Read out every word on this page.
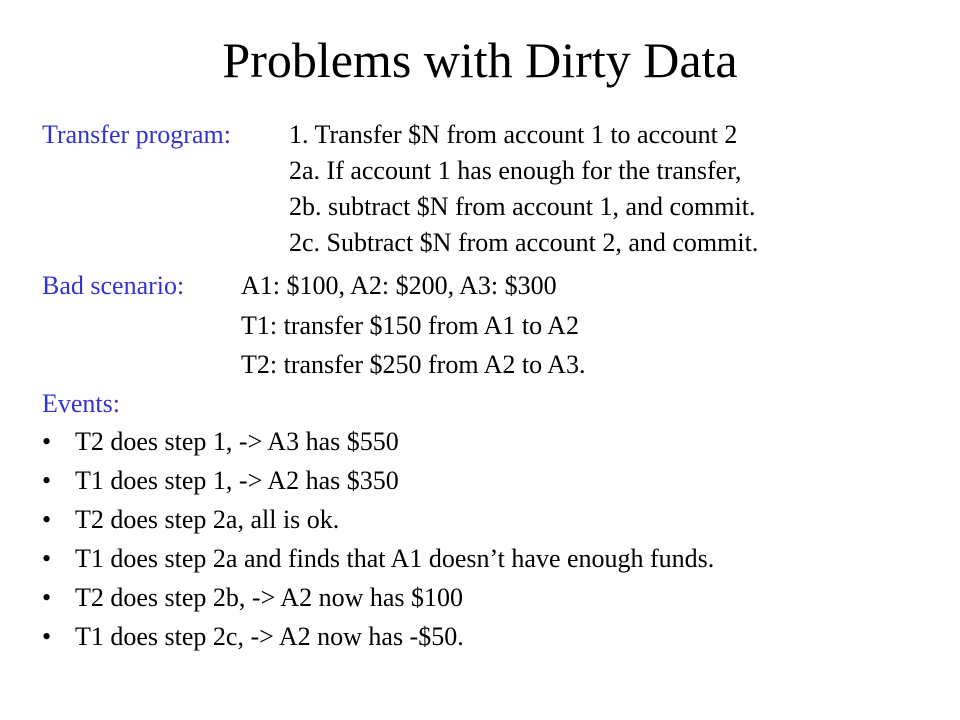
Problems with Dirty Data
Transfer program: 1. Transfer $N from account 1 to account 2
2a. If account 1 has enough for the transfer,
2b. subtract $N from account 1, and commit.
2c. Subtract $N from account 2, and commit.
Bad scenario: A1: $100, A2: $200, A3: $300
T1: transfer $150 from A1 to A2
T2: transfer $250 from A2 to A3.
Events:
• T2 does step 1, -> A3 has $550
• T1 does step 1, -> A2 has $350
• T2 does step 2a, all is ok.
• T1 does step 2a and finds that A1 doesn’t have enough funds.
• T2 does step 2b, -> A2 now has $100
• T1 does step 2c, -> A2 now has -$50.
